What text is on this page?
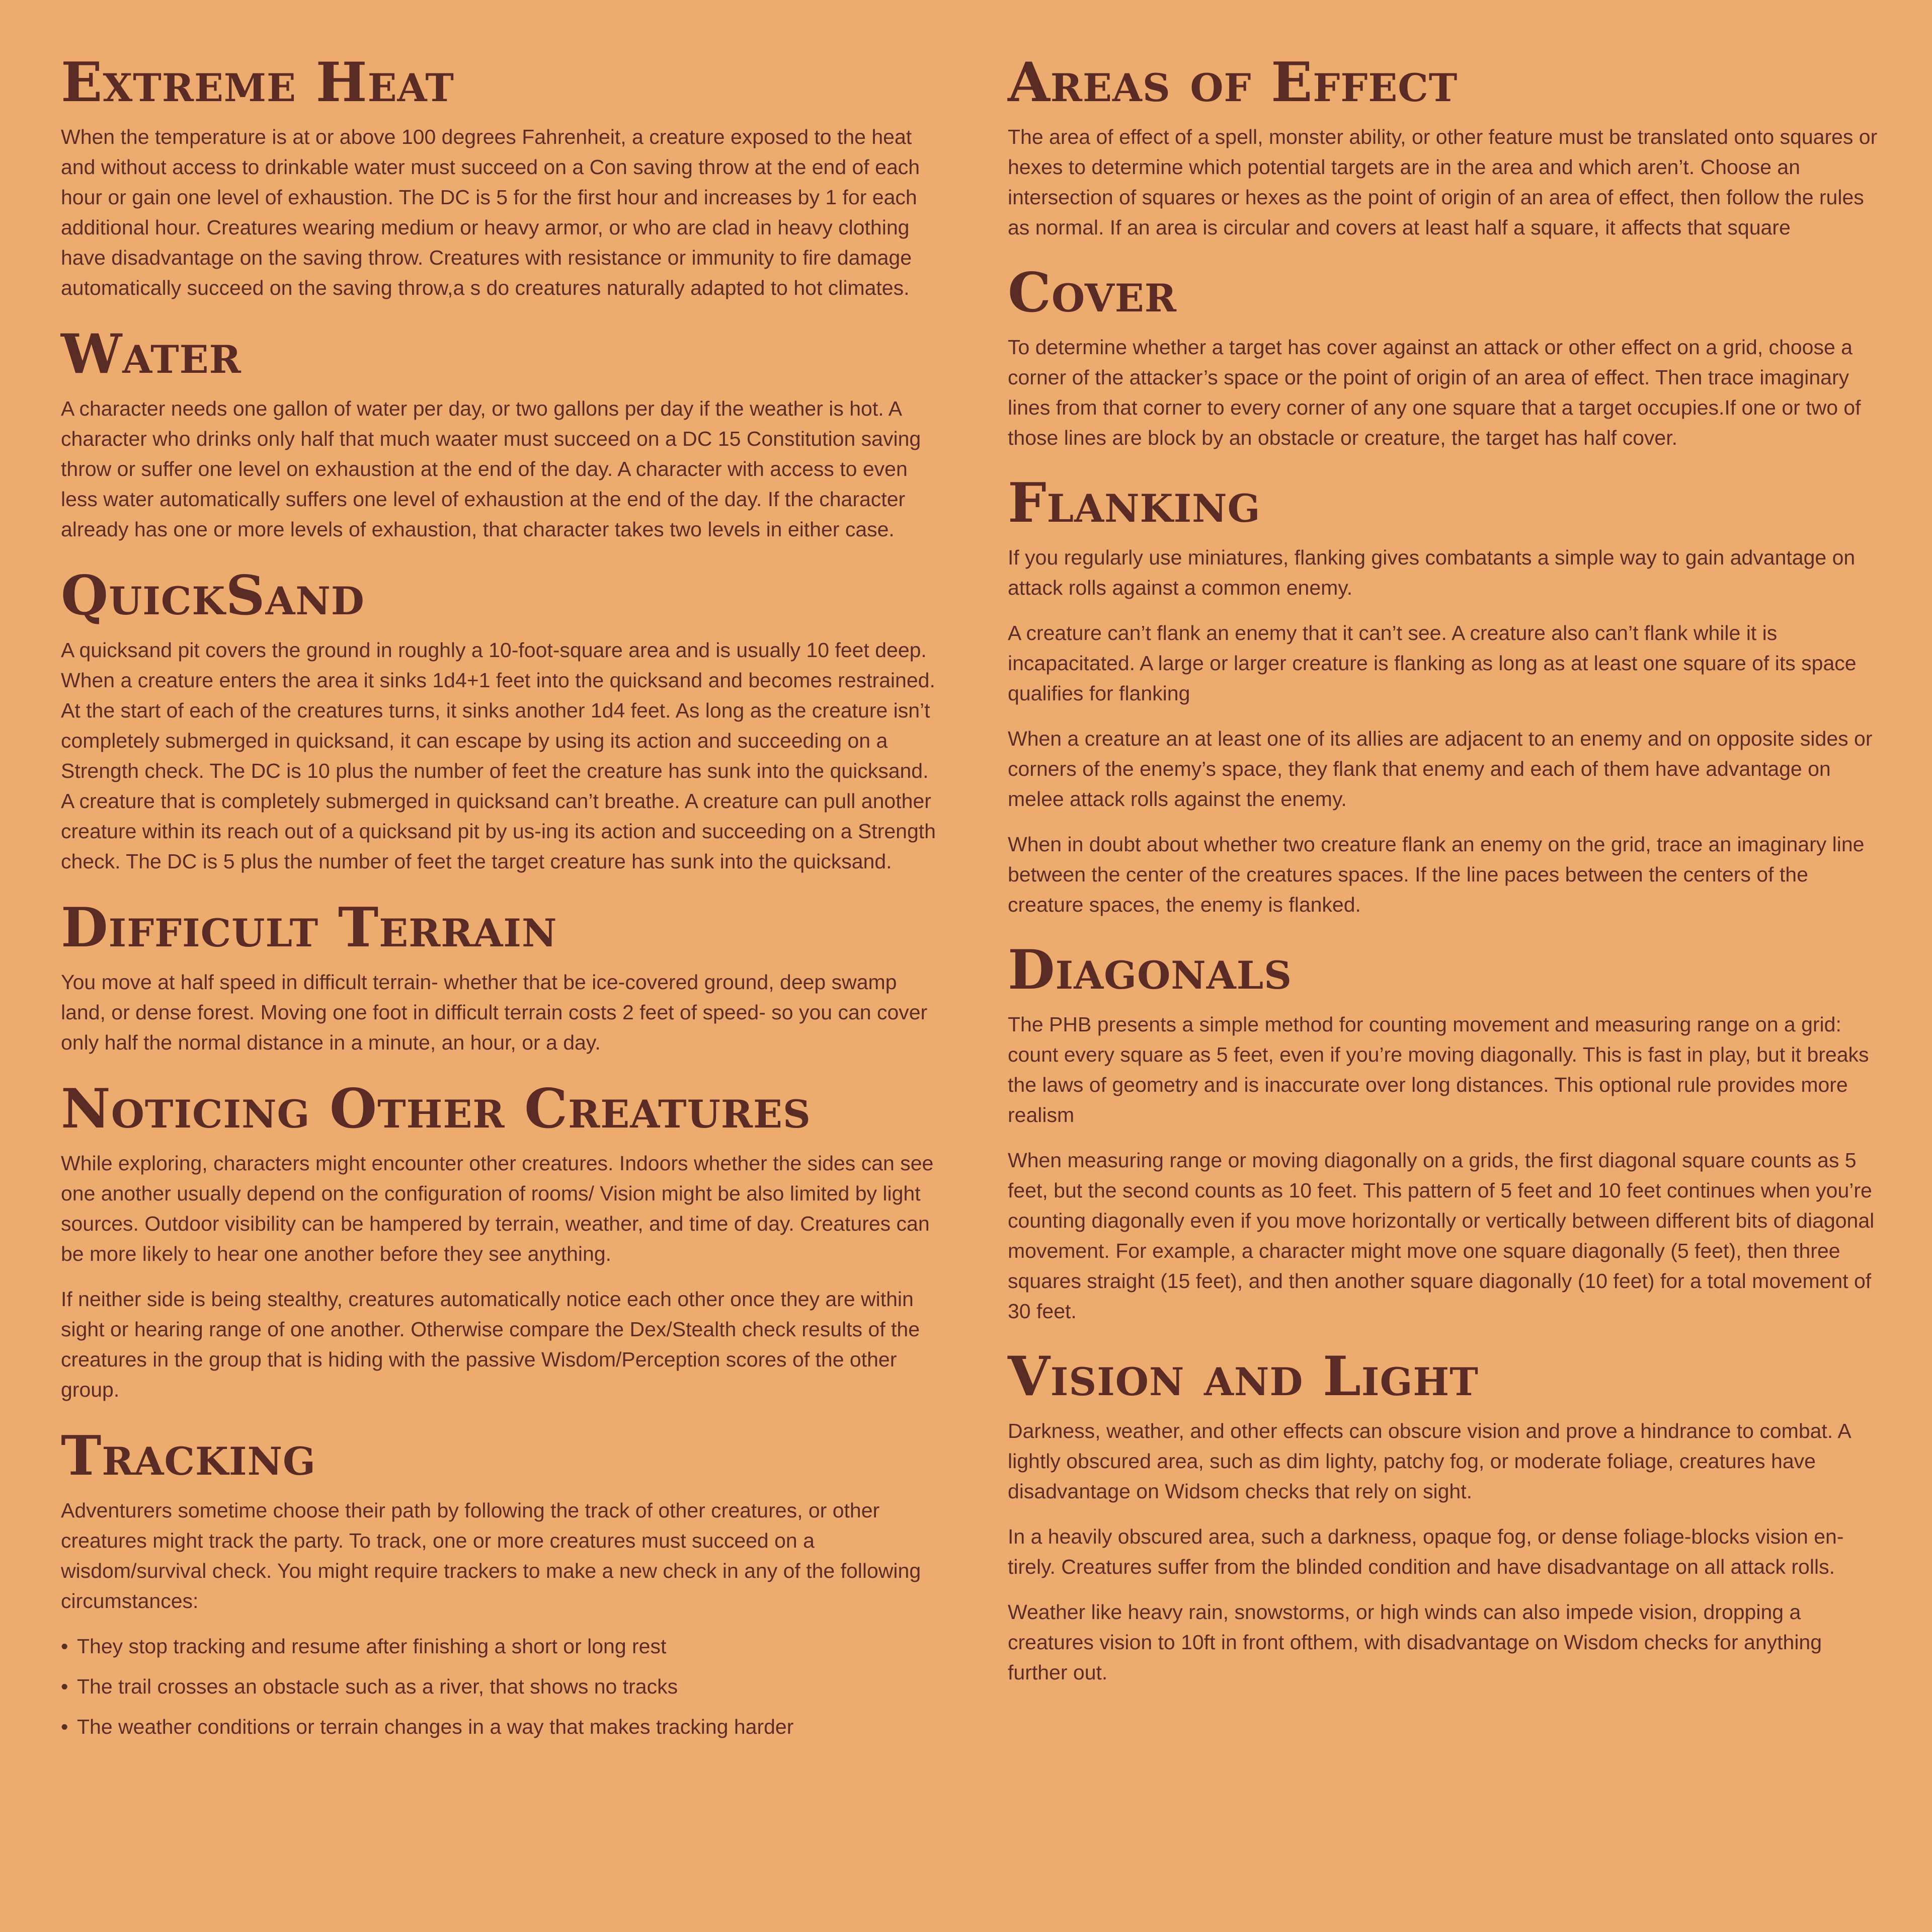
Extreme Heat

When the temperature is at or above 100 degrees Fahrenheit, a creature exposed to the heat and without access to drinkable water must succeed on a Con saving throw at the end of each hour or gain one level of exhaustion. The DC is 5 for the first hour and increases by 1 for each additional hour. Creatures wearing medium or heavy armor, or who are clad in heavy clothing have disadvantage on the saving throw. Creatures with resistance or immunity to fire damage automatically succeed on the saving throw,a s do creatures naturally adapted to hot climates.

Water

A character needs one gallon of water per day, or two gallons per day if the weather is hot. A character who drinks only half that much waater must succeed on a DC 15 Constitution saving throw or suffer one level on exhaustion at the end of the day. A character with access to even less water automatically suffers one level of exhaustion at the end of the day. If the character already has one or more levels of exhaustion, that character takes two levels in either case.

QuickSand

A quicksand pit covers the ground in roughly a 10-foot-square area and is usually 10 feet deep. When a creature enters the area it sinks 1d4+1 feet into the quicksand and becomes restrained. At the start of each of the creatures turns, it sinks another 1d4 feet. As long as the creature isn’t completely submerged in quicksand, it can escape by using its action and succeeding on a Strength check. The DC is 10 plus the number of feet the creature has sunk into the quicksand. A creature that is completely submerged in quicksand can’t breathe. A creature can pull another creature within its reach out of a quicksand pit by us-ing its action and succeeding on a Strength check. The DC is 5 plus the number of feet the target creature has sunk into the quicksand.

Difficult Terrain

You move at half speed in difficult terrain- whether that be ice-covered ground, deep swamp land, or dense forest. Moving one foot in difficult terrain costs 2 feet of speed- so you can cover only half the normal distance in a minute, an hour, or a day.

Noticing Other Creatures

While exploring, characters might encounter other creatures. Indoors whether the sides can see one another usually depend on the configuration of rooms/ Vision might be also limited by light sources. Outdoor visibility can be hampered by terrain, weather, and time of day. Creatures can be more likely to hear one another before they see anything.

If neither side is being stealthy, creatures automatically notice each other once they are within sight or hearing range of one another. Otherwise compare the Dex/Stealth check results of the creatures in the group that is hiding with the passive Wisdom/Perception scores of the other group.

Tracking

Adventurers sometime choose their path by following the track of other creatures, or other creatures might track the party. To track, one or more creatures must succeed on a wisdom/survival check. You might require trackers to make a new check in any of the following circumstances:

• They stop tracking and resume after finishing a short or long rest
• The trail crosses an obstacle such as a river, that shows no tracks
• The weather conditions or terrain changes in a way that makes tracking harder
Areas of Effect

The area of effect of a spell, monster ability, or other feature must be translated onto squares or hexes to determine which potential targets are in the area and which aren’t. Choose an intersection of squares or hexes as the point of origin of an area of effect, then follow the rules as normal. If an area is circular and covers at least half a square, it affects that square

Cover

To determine whether a target has cover against an attack or other effect on a grid, choose a corner of the attacker’s space or the point of origin of an area of effect. Then trace imaginary lines from that corner to every corner of any one square that a target occupies.If one or two of those lines are block by an obstacle or creature, the target has half cover.

Flanking

If you regularly use miniatures, flanking gives combatants a simple way to gain advantage on attack rolls against a common enemy.

A creature can’t flank an enemy that it can’t see. A creature also can’t flank while it is incapacitated. A large or larger creature is flanking as long as at least one square of its space qualifies for flanking

When a creature an at least one of its allies are adjacent to an enemy and on opposite sides or corners of the enemy’s space, they flank that enemy and each of them have advantage on melee attack rolls against the enemy.

When in doubt about whether two creature flank an enemy on the grid, trace an imaginary line between the center of the creatures spaces. If the line paces between the centers of the creature spaces, the enemy is flanked.

Diagonals

The PHB presents a simple method for counting movement and measuring range on a grid: count every square as 5 feet, even if you’re moving diagonally. This is fast in play, but it breaks the laws of geometry and is inaccurate over long distances. This optional rule provides more realism

When measuring range or moving diagonally on a grids, the first diagonal square counts as 5 feet, but the second counts as 10 feet. This pattern of 5 feet and 10 feet continues when you’re counting diagonally even if you move horizontally or vertically between different bits of diagonal movement. For example, a character might move one square diagonally (5 feet), then three squares straight (15 feet), and then another square diagonally (10 feet) for a total movement of 30 feet.

Vision and Light

Darkness, weather, and other effects can obscure vision and prove a hindrance to combat. A lightly obscured area, such as dim lighty, patchy fog, or moderate foliage, creatures have disadvantage on Widsom checks that rely on sight.

In a heavily obscured area, such a darkness, opaque fog, or dense foliage-blocks vision en-tirely. Creatures suffer from the blinded condition and have disadvantage on all attack rolls.

Weather like heavy rain, snowstorms, or high winds can also impede vision, dropping a creatures vision to 10ft in front ofthem, with disadvantage on Wisdom checks for anything further out.
